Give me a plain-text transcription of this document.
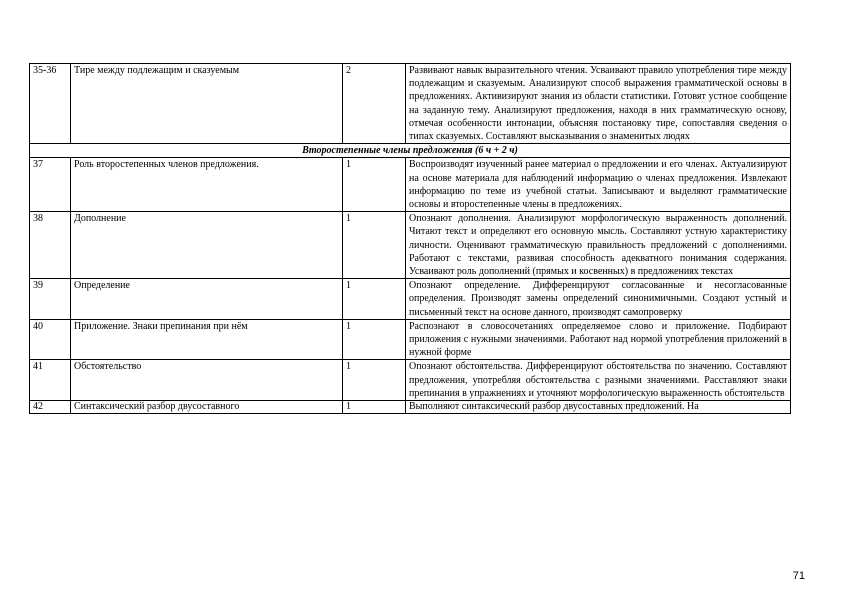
35-36	Тире между подлежащим и сказуемым	2	Развивают навык выразительного чтения. Усваивают правило употребления тире между подлежащим и сказуемым. Анализируют способ выражения грамматической основы в предложениях. Активизируют знания из области статистики. Готовят устное сообщение на заданную тему. Анализируют предложения, находя в них грамматическую основу, отмечая особенности интонации, объясняя постановку тире, сопоставляя сведения о типах сказуемых. Составляют высказывания о знаменитых людях
Второстепенные члены предложения (6 ч + 2 ч)			
37	Роль второстепенных членов предложения.	1	Воспроизводят изученный ранее материал о предложении и его членах. Актуализируют на основе материала для наблюдений информацию о членах предложения. Извлекают информацию по теме из учебной статьи. Записывают и выделяют грамматические основы и второстепенные члены в предложениях.
38	Дополнение	1	Опознают дополнения. Анализируют морфологическую выраженность дополнений. Читают текст и определяют его основную мысль. Составляют устную характеристику личности. Оценивают грамматическую правильность предложений с дополнениями. Работают с текстами, развивая способность адекватного понимания содержания. Усваивают роль дополнений (прямых и косвенных) в предложениях текстах
39	Определение	1	Опознают определение. Дифференцируют согласованные и несогласованные определения. Производят замены определений синонимичными. Создают устный и письменный текст на основе данного, производят самопроверку
40	Приложение. Знаки препинания при нём	1	Распознают в словосочетаниях определяемое слово и приложение. Подбирают приложения с нужными значениями. Работают над нормой употребления приложений в нужной форме
41	Обстоятельство	1	Опознают обстоятельства. Дифференцируют обстоятельства по значению. Составляют предложения, употребляя обстоятельства с разными значениями. Расставляют знаки препинания в упражнениях и уточняют морфологическую выраженность обстоятельств
42	Синтаксический разбор двусоставного	1	Выполняют синтаксический разбор двусоставных предложений. На
71
